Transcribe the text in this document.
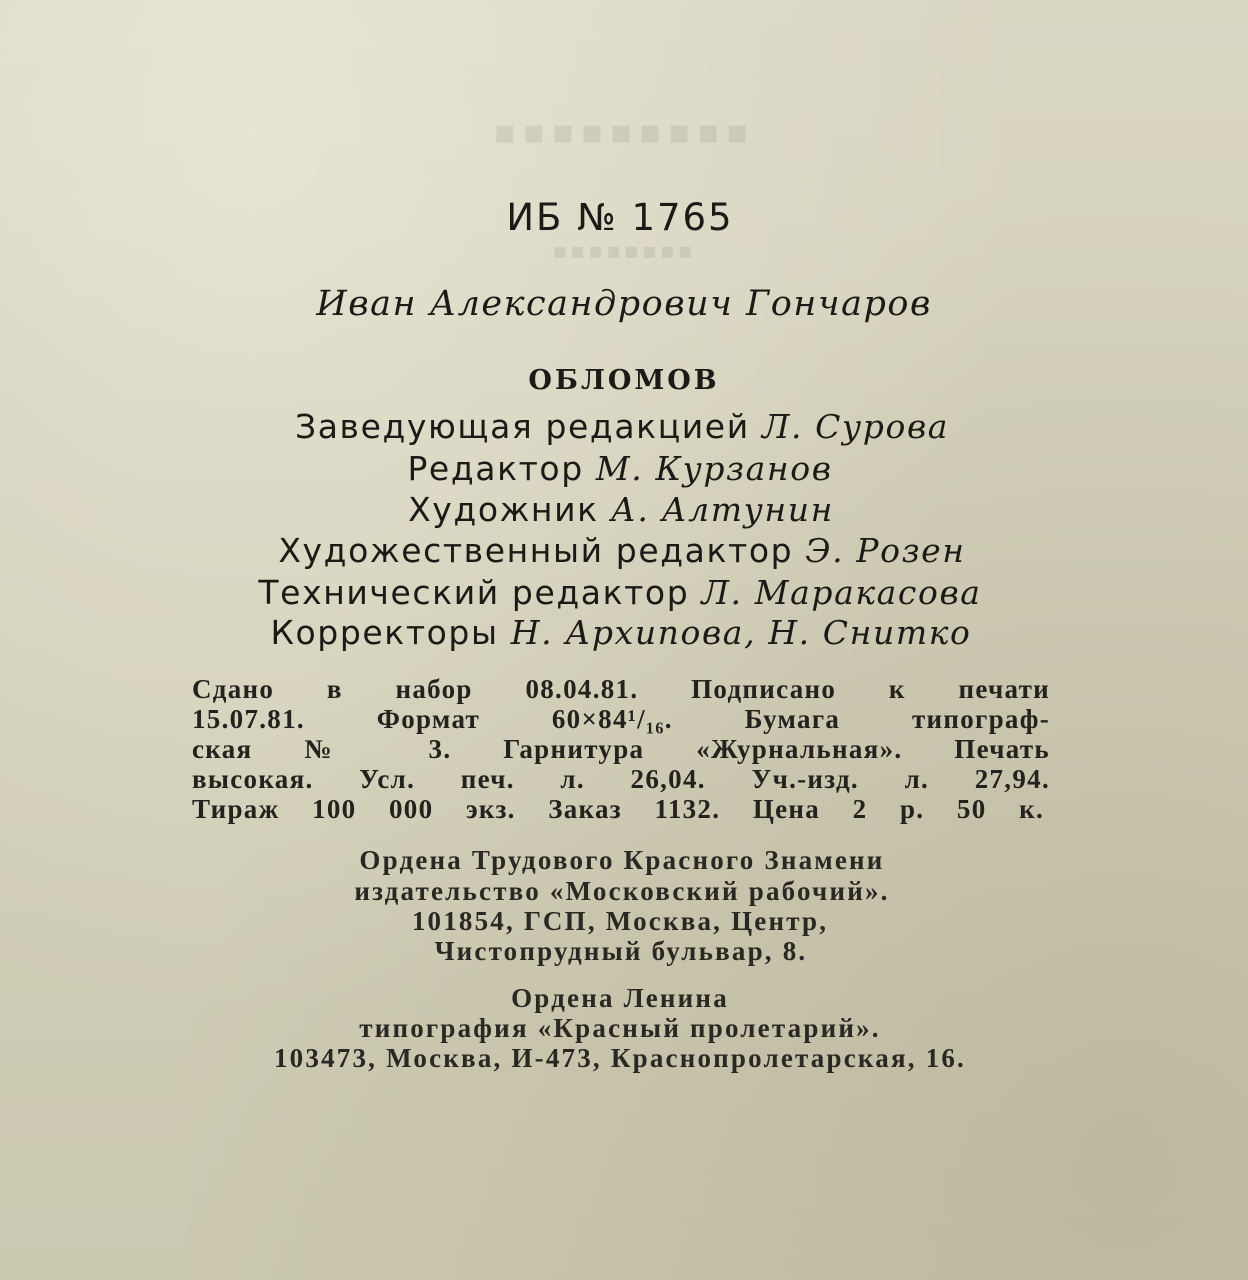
▪▪▪▪▪▪▪▪▪
▪▪▪▪▪▪▪▪
ИБ № 1765
Иван Александрович Гончаров
ОБЛОМОВ
Заведующая редакцией Л. Сурова
Редактор М. Курзанов
Художник А. Алтунин
Художественный редактор Э. Розен
Технический редактор Л. Маракасова
Корректоры Н. Архипова, Н. Снитко
Сдано в набор 08.04.81. Подписано к печати
15.07.81. Формат 60×84¹/₁₆. Бумага типограф-
ская № 3. Гарнитура «Журнальная». Печать
высокая. Усл. печ. л. 26,04. Уч.-изд. л. 27,94.
Тираж 100 000 экз. Заказ 1132. Цена 2 р. 50 к.
Ордена Трудового Красного Знамени
издательство «Московский рабочий».
101854, ГСП, Москва, Центр,
Чистопрудный бульвар, 8.
Ордена Ленина
типография «Красный пролетарий».
103473, Москва, И-473, Краснопролетарская, 16.
